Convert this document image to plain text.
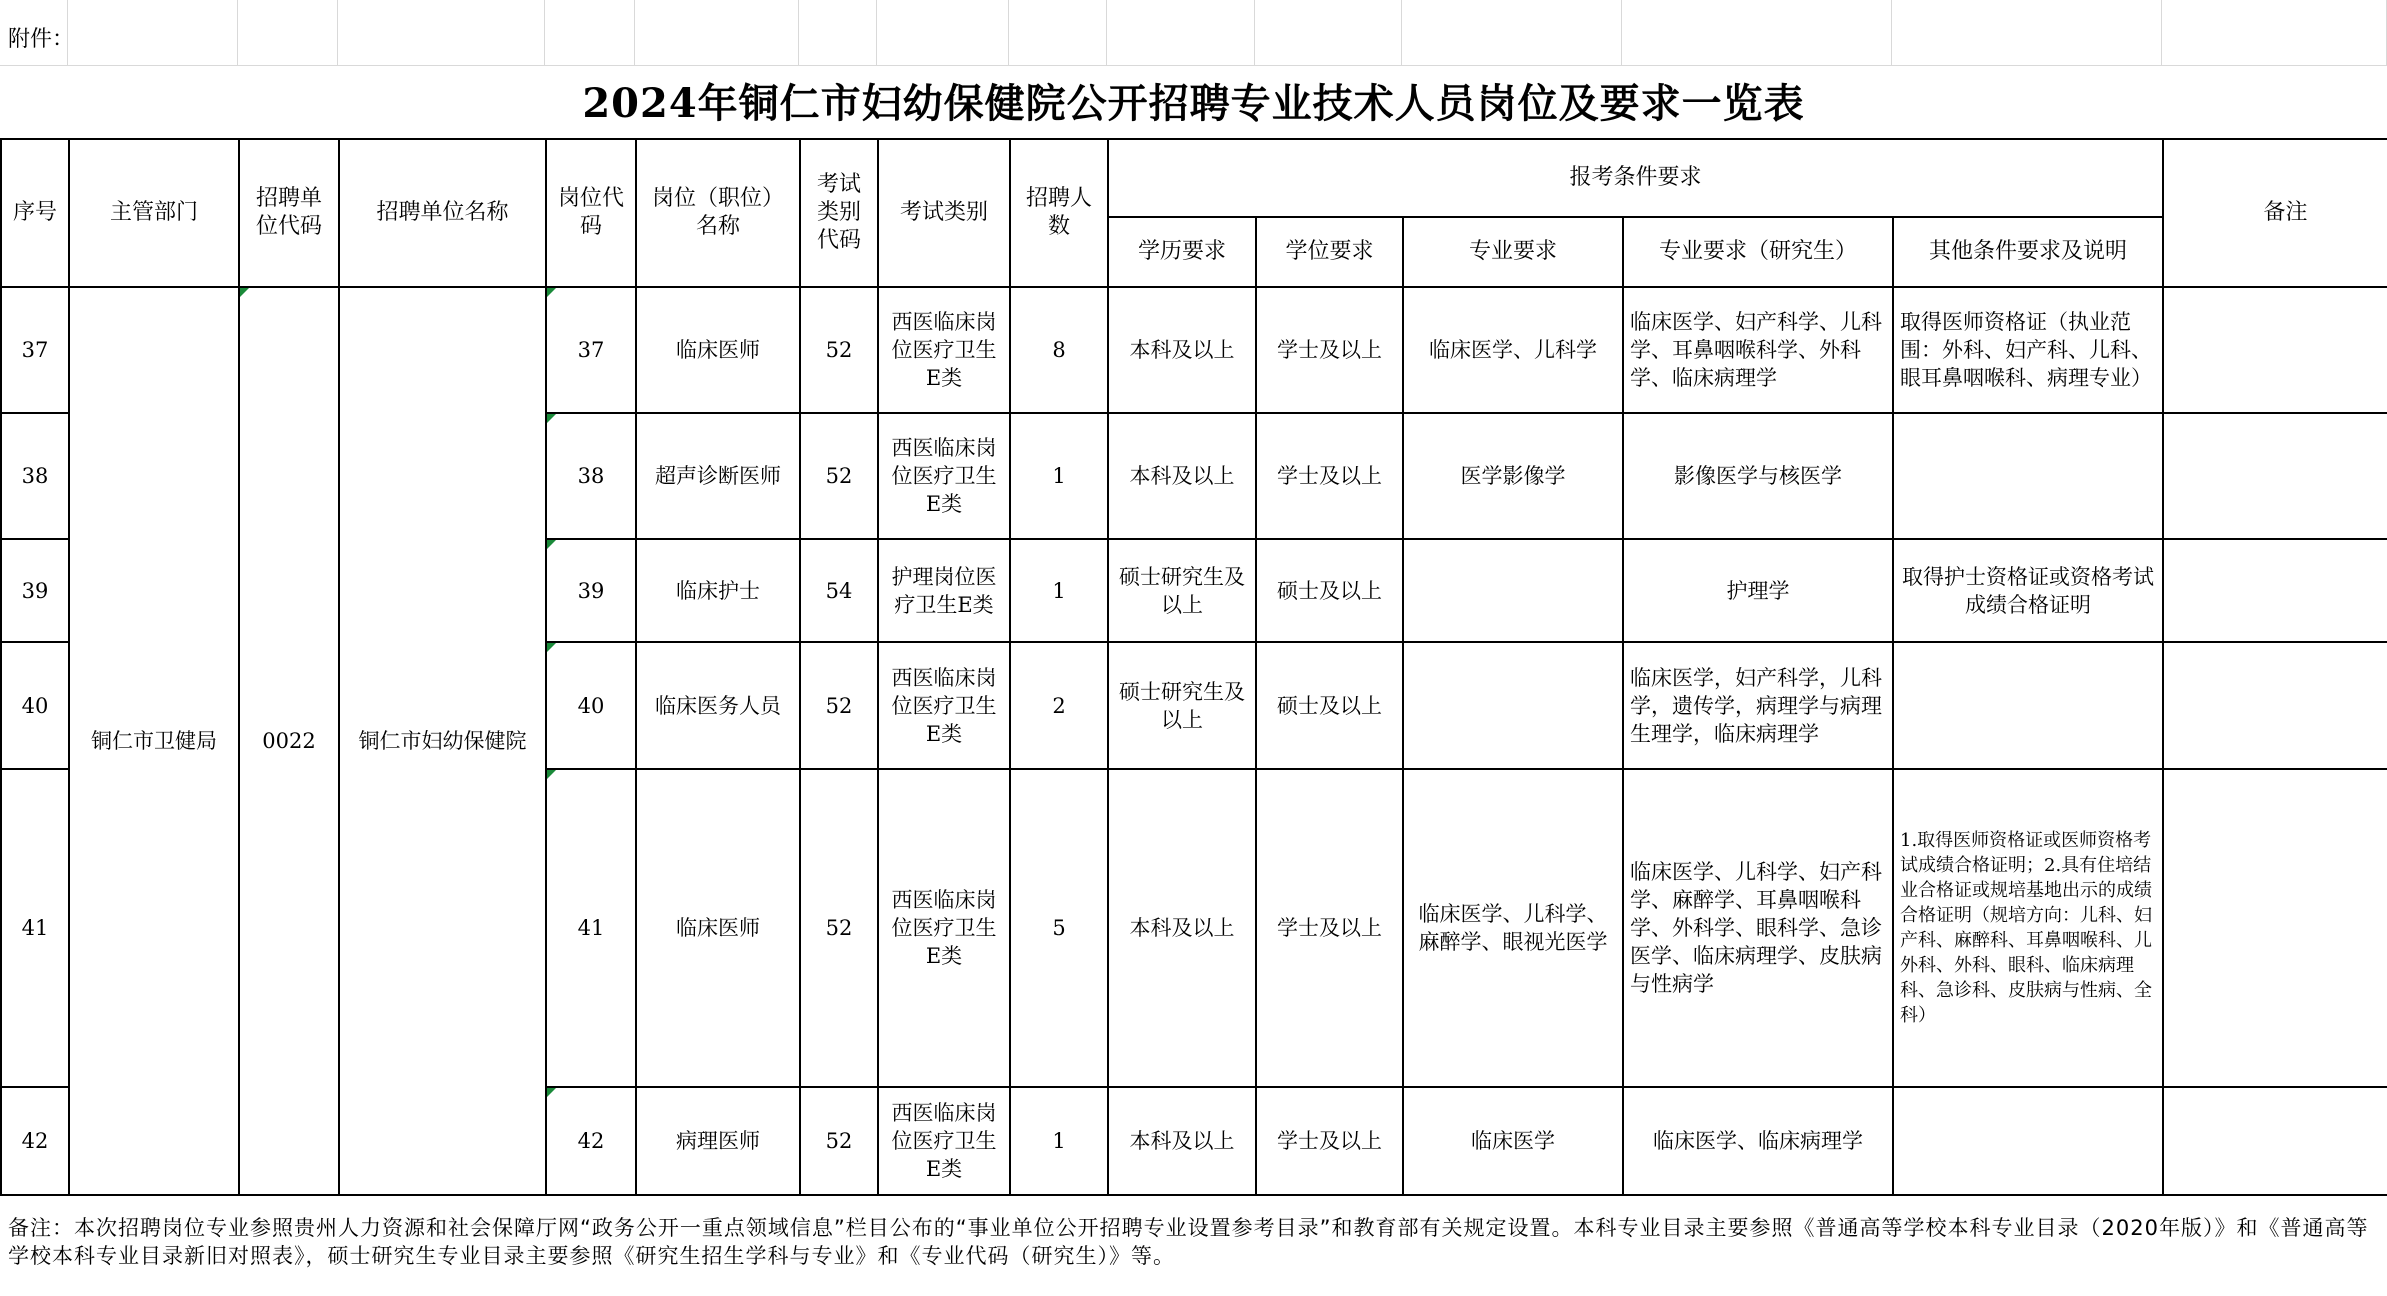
附件：
2024年铜仁市妇幼保健院公开招聘专业技术人员岗位及要求一览表
序号	主管部门	招聘单位代码	招聘单位名称	岗位代码	岗位（职位）名称	考试类别代码	考试类别	招聘人数	报考条件要求					备注
									学历要求	学位要求	专业要求	专业要求（研究生）	其他条件要求及说明	
37	铜仁市卫健局	0022	铜仁市妇幼保健院	37	临床医师	52	西医临床岗位医疗卫生E类	8	本科及以上	学士及以上	临床医学、儿科学	临床医学、妇产科学、儿科学、耳鼻咽喉科学、外科学、临床病理学	取得医师资格证（执业范围：外科、妇产科、儿科、眼耳鼻咽喉科、病理专业）	
38				38	超声诊断医师	52	西医临床岗位医疗卫生E类	1	本科及以上	学士及以上	医学影像学	影像医学与核医学		
39				39	临床护士	54	护理岗位医疗卫生E类	1	硕士研究生及以上	硕士及以上		护理学	取得护士资格证或资格考试成绩合格证明	
40				40	临床医务人员	52	西医临床岗位医疗卫生E类	2	硕士研究生及以上	硕士及以上		临床医学，妇产科学，儿科学，遗传学，病理学与病理生理学，临床病理学		
41				41	临床医师	52	西医临床岗位医疗卫生E类	5	本科及以上	学士及以上	临床医学、儿科学、麻醉学、眼视光医学	临床医学、儿科学、妇产科学、麻醉学、耳鼻咽喉科学、外科学、眼科学、急诊医学、临床病理学、皮肤病与性病学	1.取得医师资格证或医师资格考试成绩合格证明；2.具有住培结业合格证或规培基地出示的成绩合格证明（规培方向：儿科、妇产科、麻醉科、耳鼻咽喉科、儿外科、外科、眼科、临床病理科、急诊科、皮肤病与性病、全科）	
42				42	病理医师	52	西医临床岗位医疗卫生E类	1	本科及以上	学士及以上	临床医学	临床医学、临床病理学		
备注：本次招聘岗位专业参照贵州人力资源和社会保障厅网“政务公开一重点领域信息”栏目公布的“事业单位公开招聘专业设置参考目录”和教育部有关规定设置。本科专业目录主要参照《普通高等学校本科专业目录（2020年版）》和《普通高等学校本科专业目录新旧对照表》，硕士研究生专业目录主要参照《研究生招生学科与专业》和《专业代码（研究生）》等。
